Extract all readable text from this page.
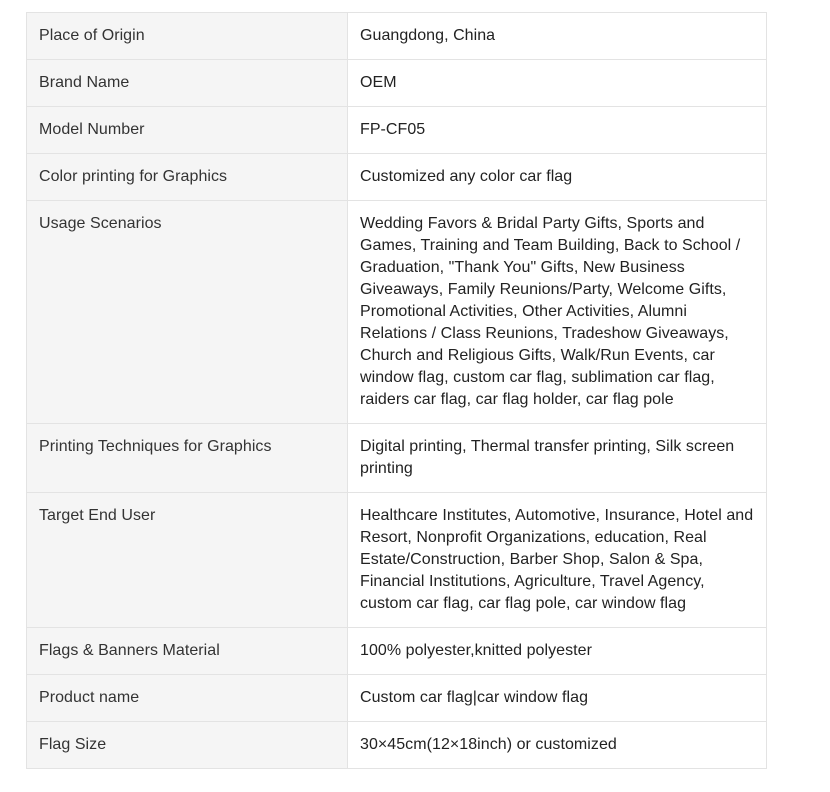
Place of Origin	Guangdong, China
Brand Name	OEM
Model Number	FP-CF05
Color printing for Graphics	Customized any color car flag
Usage Scenarios	Wedding Favors & Bridal Party Gifts, Sports and Games, Training and Team Building, Back to School / Graduation, "Thank You" Gifts, New Business Giveaways, Family Reunions/Party, Welcome Gifts, Promotional Activities, Other Activities, Alumni Relations / Class Reunions, Tradeshow Giveaways, Church and Religious Gifts, Walk/Run Events, car window flag, custom car flag, sublimation car flag, raiders car flag, car flag holder, car flag pole
Printing Techniques for Graphics	Digital printing, Thermal transfer printing, Silk screen printing
Target End User	Healthcare Institutes, Automotive, Insurance, Hotel and Resort, Nonprofit Organizations, education, Real Estate/Construction, Barber Shop, Salon & Spa, Financial Institutions, Agriculture, Travel Agency, custom car flag, car flag pole, car window flag
Flags & Banners Material	100% polyester,knitted polyester
Product name	Custom car flag|car window flag
Flag Size	30×45cm(12×18inch) or customized
